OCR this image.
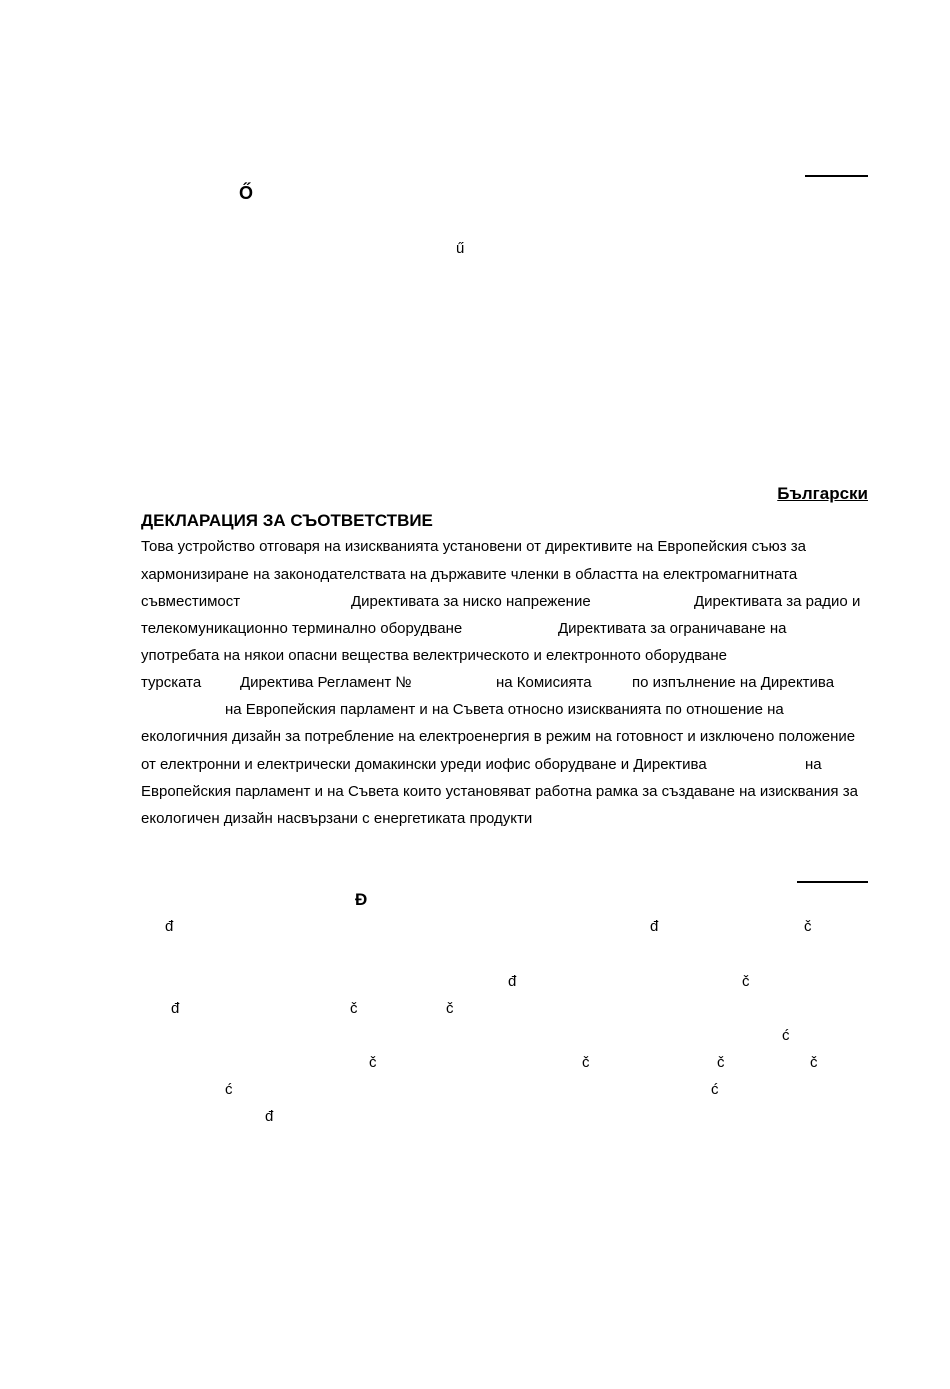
Ő
ű
Български
ДЕКЛАРАЦИЯ ЗА СЪОТВЕТСТВИЕ
Това устройство отговаря на изискванията установени от директивите на Европейския съюз за
хармонизиране на законодателствата на държавите членки в областта на електромагнитната
съвместимост	Директивата за ниско напрежение	Директивата за радио и
телекомуникационно терминално оборудване	Директивата за ограничаване на
употребата на някои опасни вещества велектрическото и електронното оборудване
турската	Директива Регламент №	на Комисията	по изпълнение на Директива
на Европейския парламент и на Съвета относно изискванията по отношение на
екологичния дизайн за потребление на електроенергия в режим на готовност и изключено положение
от електронни и електрически домакински уреди иофис оборудване и Директива	на
Европейския парламент и на Съвета които установяват работна рамка за създаване на изисквания за
екологичен дизайн насвързани с енергетиката продукти
Đ
đ	đ	č
đ	č
đ	č	č
ć
č	č	č	č
ć	ć
đ
